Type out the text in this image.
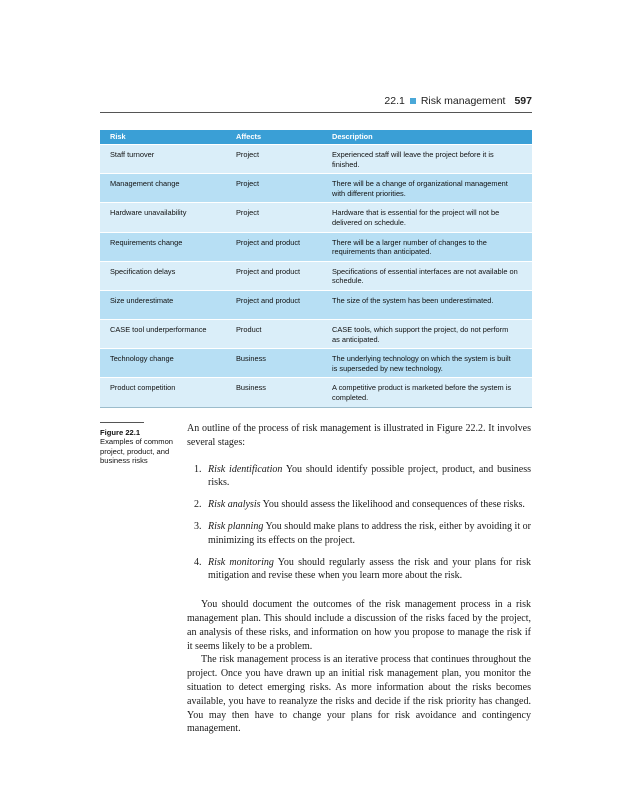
22.1 Risk management 597
Risk	Affects	Description
Staff turnover	Project	Experienced staff will leave the project before it is finished.
Management change	Project	There will be a change of organizational management with different priorities.
Hardware unavailability	Project	Hardware that is essential for the project will not be delivered on schedule.
Requirements change	Project and product	There will be a larger number of changes to the requirements than anticipated.
Specification delays	Project and product	Specifications of essential interfaces are not available on schedule.
Size underestimate	Project and product	The size of the system has been underestimated.
CASE tool underperformance	Product	CASE tools, which support the project, do not perform as anticipated.
Technology change	Business	The underlying technology on which the system is built is superseded by new technology.
Product competition	Business	A competitive product is marketed before the system is completed.
Figure 22.1
Examples of common project, product, and business risks

An outline of the process of risk management is illustrated in Figure 22.2. It involves several stages:

1. Risk identification You should identify possible project, product, and business risks.
2. Risk analysis You should assess the likelihood and consequences of these risks.
3. Risk planning You should make plans to address the risk, either by avoiding it or minimizing its effects on the project.
4. Risk monitoring You should regularly assess the risk and your plans for risk mitigation and revise these when you learn more about the risk.

You should document the outcomes of the risk management process in a risk management plan. This should include a discussion of the risks faced by the project, an analysis of these risks, and information on how you propose to manage the risk if it seems likely to be a problem.

The risk management process is an iterative process that continues throughout the project. Once you have drawn up an initial risk management plan, you monitor the situation to detect emerging risks. As more information about the risks becomes available, you have to reanalyze the risks and decide if the risk priority has changed. You may then have to change your plans for risk avoidance and contingency management.
